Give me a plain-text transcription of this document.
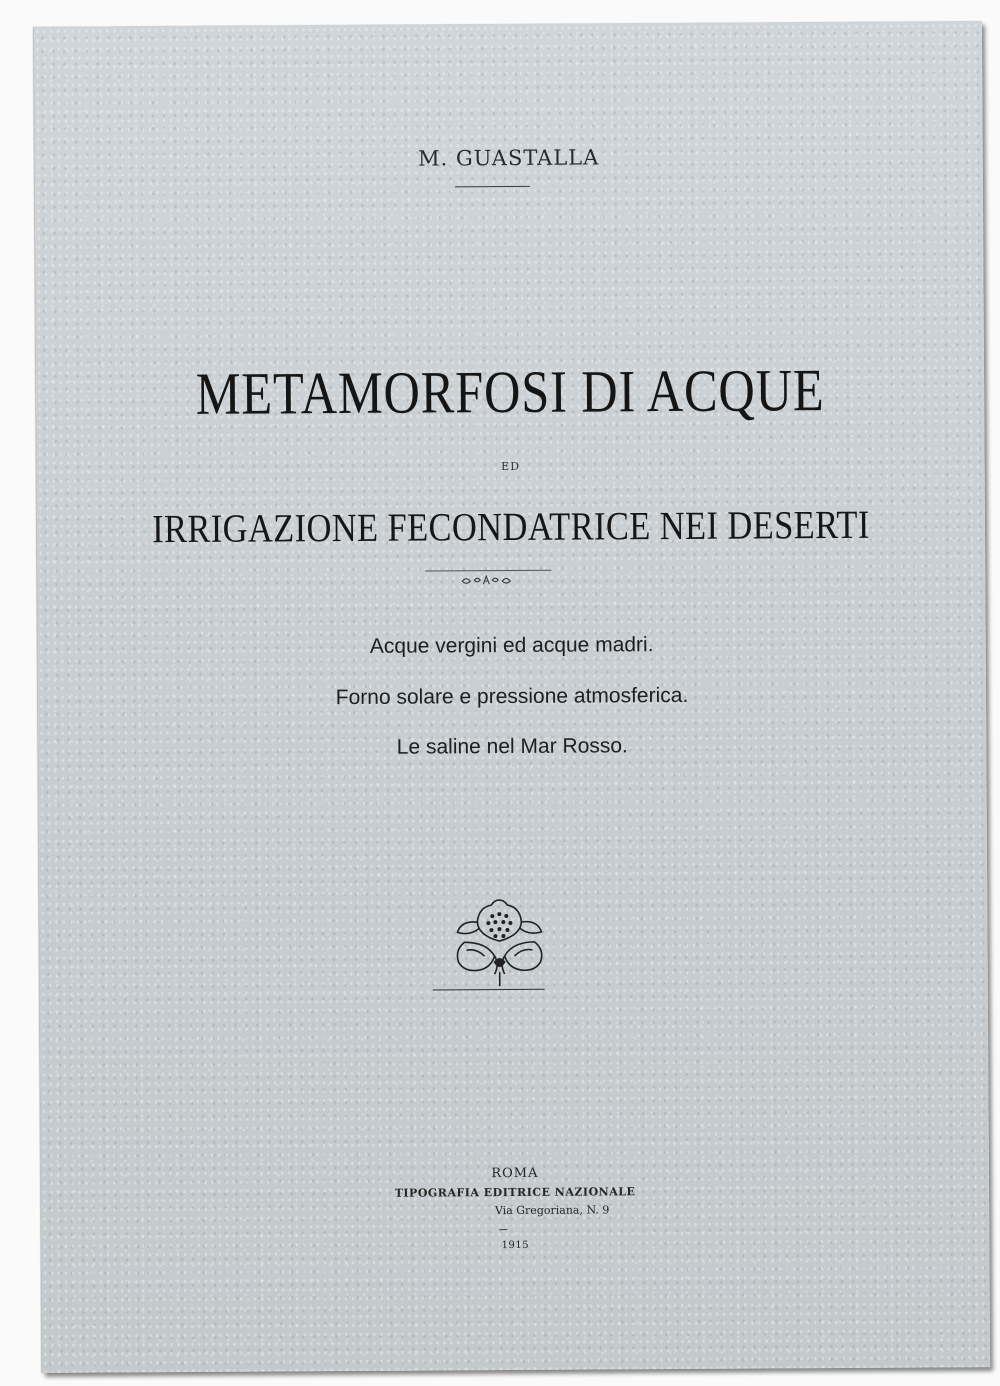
M. GUASTALLA
METAMORFOSI DI ACQUE
ED
IRRIGAZIONE FECONDATRICE NEI DESERTI
Acque vergini ed acque madri.
Forno solare e pressione atmosferica.
Le saline nel Mar Rosso.
ROMA
TIPOGRAFIA EDITRICE NAZIONALE
Via Gregoriana, N. 9
1915
